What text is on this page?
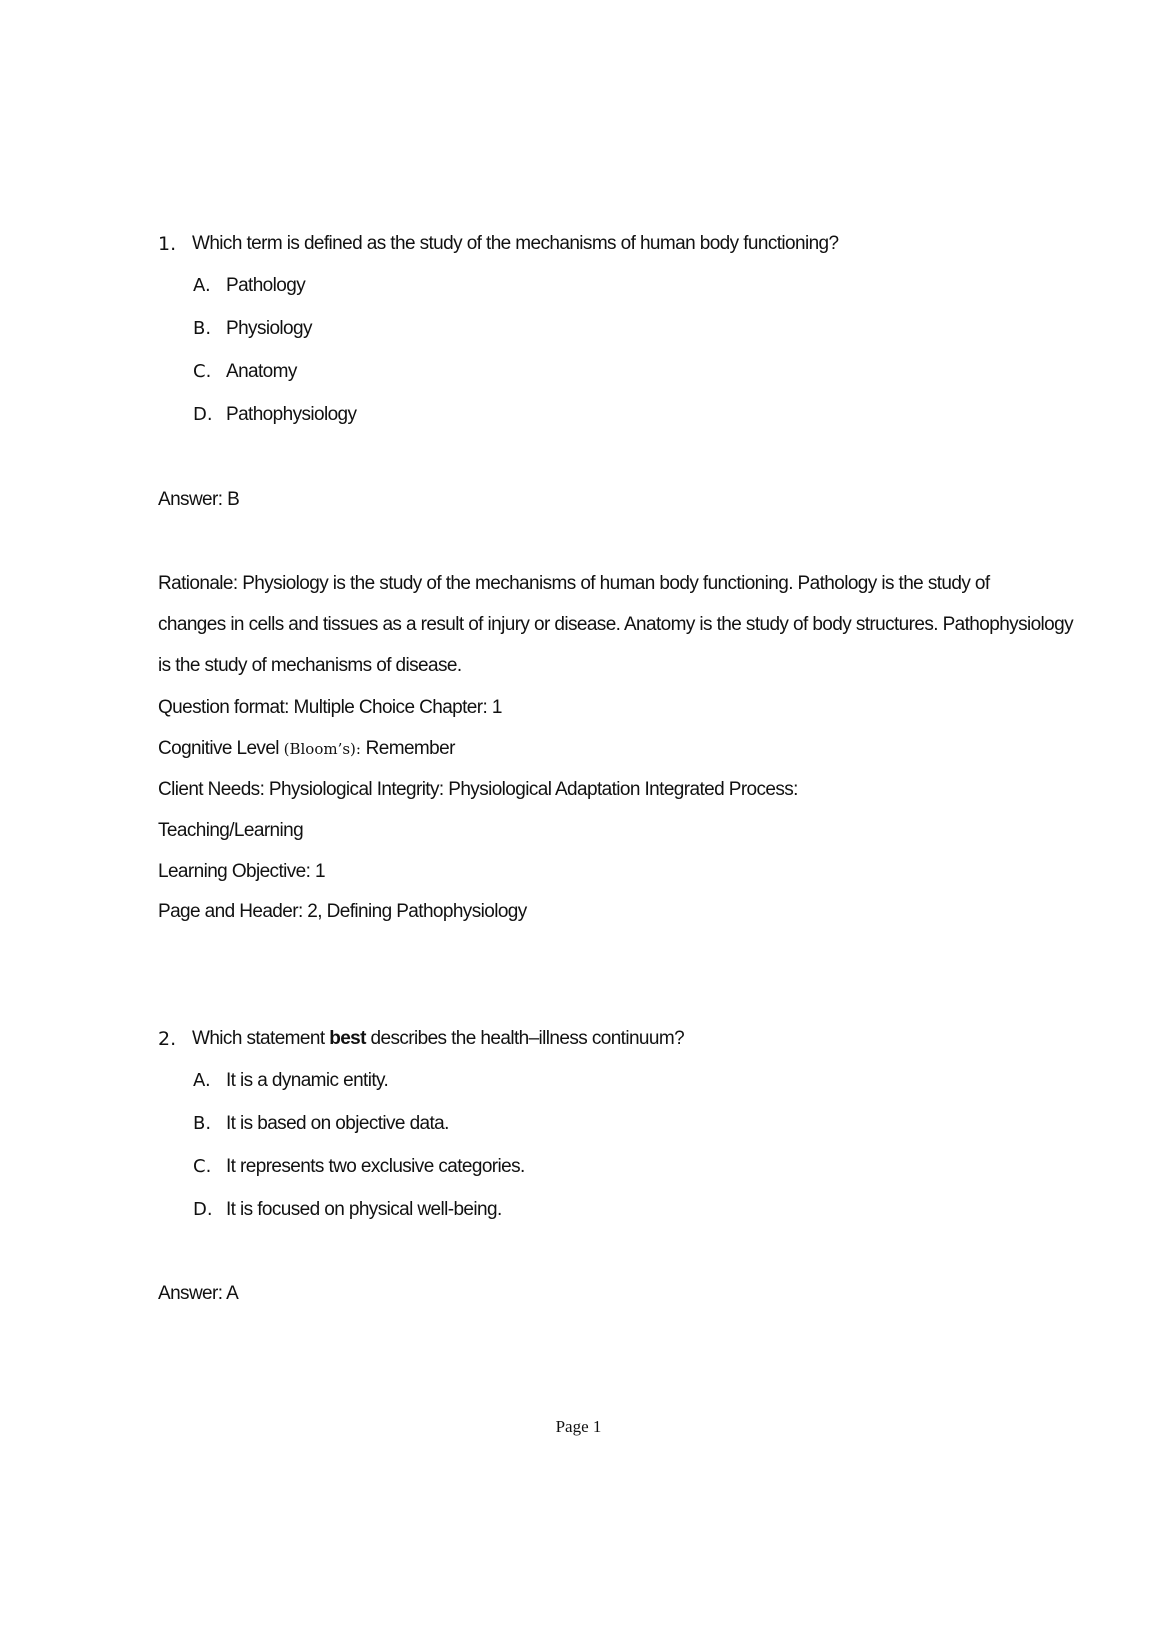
1. Which term is defined as the study of the mechanisms of human body functioning?
A. Pathology
B. Physiology
C. Anatomy
D. Pathophysiology
Answer: B
Rationale: Physiology is the study of the mechanisms of human body functioning. Pathology is the study of
changes in cells and tissues as a result of injury or disease. Anatomy is the study of body structures. Pathophysiology
is the study of mechanisms of disease.
Question format: Multiple Choice Chapter: 1
Cognitive Level (Bloom’s): Remember
Client Needs: Physiological Integrity: Physiological Adaptation Integrated Process:
Teaching/Learning
Learning Objective: 1
Page and Header: 2, Defining Pathophysiology
2. Which statement best describes the health–illness continuum?
A. It is a dynamic entity.
B. It is based on objective data.
C. It represents two exclusive categories.
D. It is focused on physical well-being.
Answer: A
Page 1
